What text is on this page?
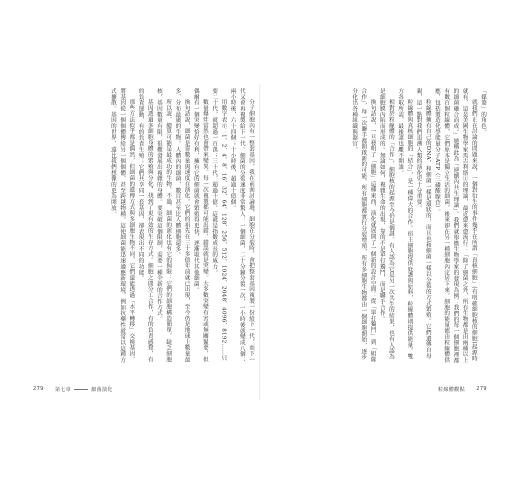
分子細胞內有一整套基因，我在前面討論過，細胞在分裂時，會把整套基因複製一份給下一代，而下一代又會再複製給下一代。細菌的分裂速度非常驚人：一個細菌，二十分鐘分裂一次，一小時後就變成八個；兩小時後，六十四個；十小時後，超過十億個。

用數字表示：1、2、4、8、16、32、64、128、256、512、1024、2048、4096、8192……只要二十代，就超過一百萬；三十代，超過十億。這就是指數成長的威力。

數量爆炸當然也會帶來變異。每一次複製都可能出錯，錯誤就是突變。大多數突變有害或無關緊要，但偶爾有一個突變恰好有利，擁有它的細菌就會繁殖得更快，逐漸取代其他細菌。

換句話說，細菌是靠數量與速度在演化。它們的祖先在三十多億年前就已出現，至今仍是地球上數量最多、分布最廣的生物。人體內的細菌，數目甚至比人體細胞還多。

所以說，總算可能是最成功的生物。不過，細菌的演化也有它的侷限：它們的細胞構造簡單，缺乏細胞核，基因數量有限，很難發展出複雜的身體。要突破這個限制，需要一種全新的合作方式。

基因透過多細胞身體的繁殖與分化，找到了更有效的生存方式。細胞之間分工合作，有的負責感覺，有的負責運動，有的負責生殖；它們共享同一套基因，卻表現出不同的功能。

那些方法似乎都是偶然，但細菌的遺傳方式與多細胞生物不同，它們還能透過「水平轉移」交換基因，將基因從一個個體傳給另一個個體，甚至跨越物種。這使細菌能迅速適應新環境，例如抗藥性就常以這種方式擴散。基因的世界，遠比我們想像的更為開放。

279 第七章	細菌演化

「媒婆」的角色。

就我們正在討論的問題來說，一個對衍生的事件幾乎在所謂「真核細胞」(有明確細胞核的細胞)起源時就有，這是美國生物學家馬古利斯①的理論，最近愈來愈流行：「除了細菌之外，所有生物都是由兩種以上的細菌融合而成。」她稱此為「連續內共生理論」。我們就舉微生物學家的發現為例：我們的每一個細胞裡都有數百個粒線體，它們原本是獨立生活的細菌，後來卻在另一種細胞內定居下來。細胞的能量都由粒線體供應，包括製造化學能量分子ATP（三磷酸腺苷）。

粒線體擁有自己的DNA，和細菌一樣是環狀的，而且也和細菌一樣以分裂的方式繁殖。它們遺傳自母親，這一點對我們追溯人類的演化史十分重要。

粒線體與真核細胞的「結合」，是一種偉大的合作。宿主細胞提供庇護與原料，粒線體則提供能量。雙方各取所需，最後誰也離不開誰。

相對於粒線體的「合作」，細胞核的起源至今仍是個謎。有人認為它是另一次共生的結果，也有人認為是細胞膜內陷而形成的。無論如何，複雜生命的出現，靠的不是單打獨鬥，而是聯手合作。

換句話說，一旦發明了「細胞」這種東西，演化就展開了一個新的設計空間：從「單打獨鬥」到「組隊合作」，每一次聯手都開啟新的可能。所有細胞都實行分裂增殖，所有多細胞生物都由一個細胞開始，逐步分化出各種組織與器官。

粒線體觀點 279
